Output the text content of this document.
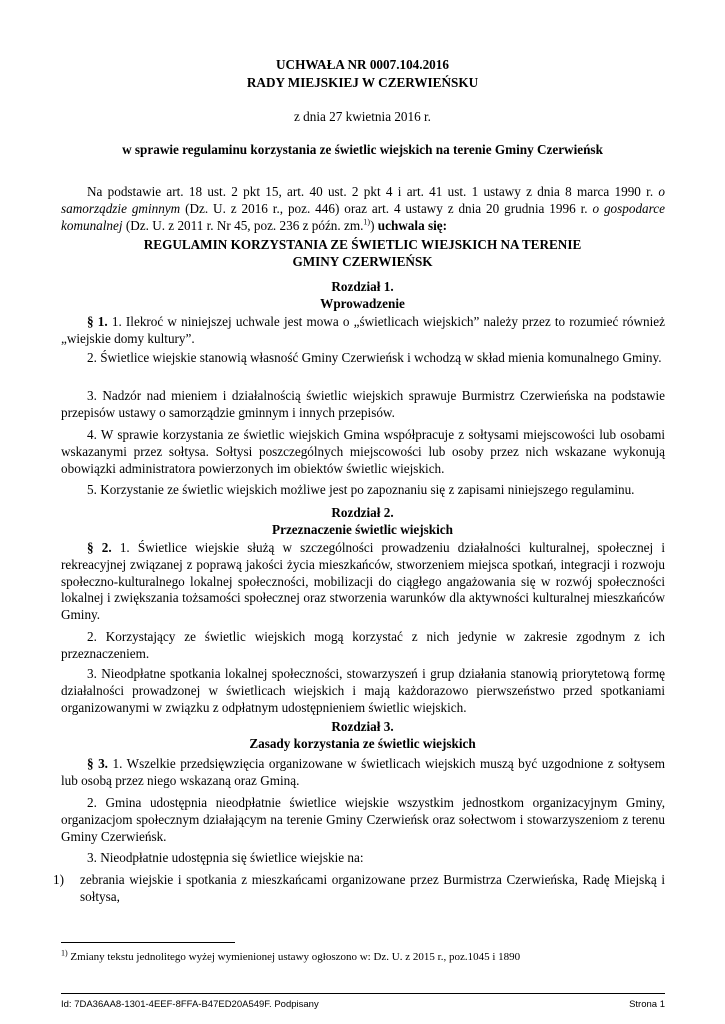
UCHWAŁA NR 0007.104.2016
RADY MIEJSKIEJ W CZERWIEŃSKU
z dnia 27 kwietnia 2016 r.
w sprawie regulaminu korzystania ze świetlic wiejskich na terenie Gminy Czerwieńsk

Na podstawie art. 18 ust. 2 pkt 15, art. 40 ust. 2 pkt 4 i art. 41 ust. 1 ustawy z dnia 8 marca 1990 r. o samorządzie gminnym (Dz. U. z 2016 r., poz. 446) oraz art. 4 ustawy z dnia 20 grudnia 1996 r. o gospodarce komunalnej (Dz. U. z 2011 r. Nr 45, poz. 236 z późn. zm.$^{1)}$) uchwala się:

REGULAMIN KORZYSTANIA ZE ŚWIETLIC WIEJSKICH NA TERENIE
GMINY CZERWIEŃSK
Rozdział 1.
Wprowadzenie

§ 1. 1. Ilekroć w niniejszej uchwale jest mowa o „świetlicach wiejskich” należy przez to rozumieć również „wiejskie domy kultury”.

2. Świetlice wiejskie stanowią własność Gminy Czerwieńsk i wchodzą w skład mienia komunalnego Gminy.

3. Nadzór nad mieniem i działalnością świetlic wiejskich sprawuje Burmistrz Czerwieńska na podstawie przepisów ustawy o samorządzie gminnym i innych przepisów.

4. W sprawie korzystania ze świetlic wiejskich Gmina współpracuje z sołtysami miejscowości lub osobami wskazanymi przez sołtysa. Sołtysi poszczególnych miejscowości lub osoby przez nich wskazane wykonują obowiązki administratora powierzonych im obiektów świetlic wiejskich.

5. Korzystanie ze świetlic wiejskich możliwe jest po zapoznaniu się z zapisami niniejszego regulaminu.

Rozdział 2.
Przeznaczenie świetlic wiejskich

§ 2. 1. Świetlice wiejskie służą w szczególności prowadzeniu działalności kulturalnej, społecznej i rekreacyjnej związanej z poprawą jakości życia mieszkańców, stworzeniem miejsca spotkań, integracji i rozwoju społeczno-kulturalnego lokalnej społeczności, mobilizacji do ciągłego angażowania się w rozwój społeczności lokalnej i zwiększania tożsamości społecznej oraz stworzenia warunków dla aktywności kulturalnej mieszkańców Gminy.

2. Korzystający ze świetlic wiejskich mogą korzystać z nich jedynie w zakresie zgodnym z ich przeznaczeniem.

3. Nieodpłatne spotkania lokalnej społeczności, stowarzyszeń i grup działania stanowią priorytetową formę działalności prowadzonej w świetlicach wiejskich i mają każdorazowo pierwszeństwo przed spotkaniami organizowanymi w związku z odpłatnym udostępnieniem świetlic wiejskich.

Rozdział 3.
Zasady korzystania ze świetlic wiejskich

§ 3. 1. Wszelkie przedsięwzięcia organizowane w świetlicach wiejskich muszą być uzgodnione z sołtysem lub osobą przez niego wskazaną oraz Gminą.

2. Gmina udostępnia nieodpłatnie świetlice wiejskie wszystkim jednostkom organizacyjnym Gminy, organizacjom społecznym działającym na terenie Gminy Czerwieńsk oraz sołectwom i stowarzyszeniom z terenu Gminy Czerwieńsk.

3. Nieodpłatnie udostępnia się świetlice wiejskie na:

1) zebrania wiejskie i spotkania z mieszkańcami organizowane przez Burmistrza Czerwieńska, Radę Miejską i sołtysa,
$^{1)}$ Zmiany tekstu jednolitego wyżej wymienionej ustawy ogłoszono w: Dz. U. z 2015 r., poz.1045 i 1890
Id: 7DA36AA8-1301-4EEF-8FFA-B47ED20A549F. Podpisany	Strona 1
